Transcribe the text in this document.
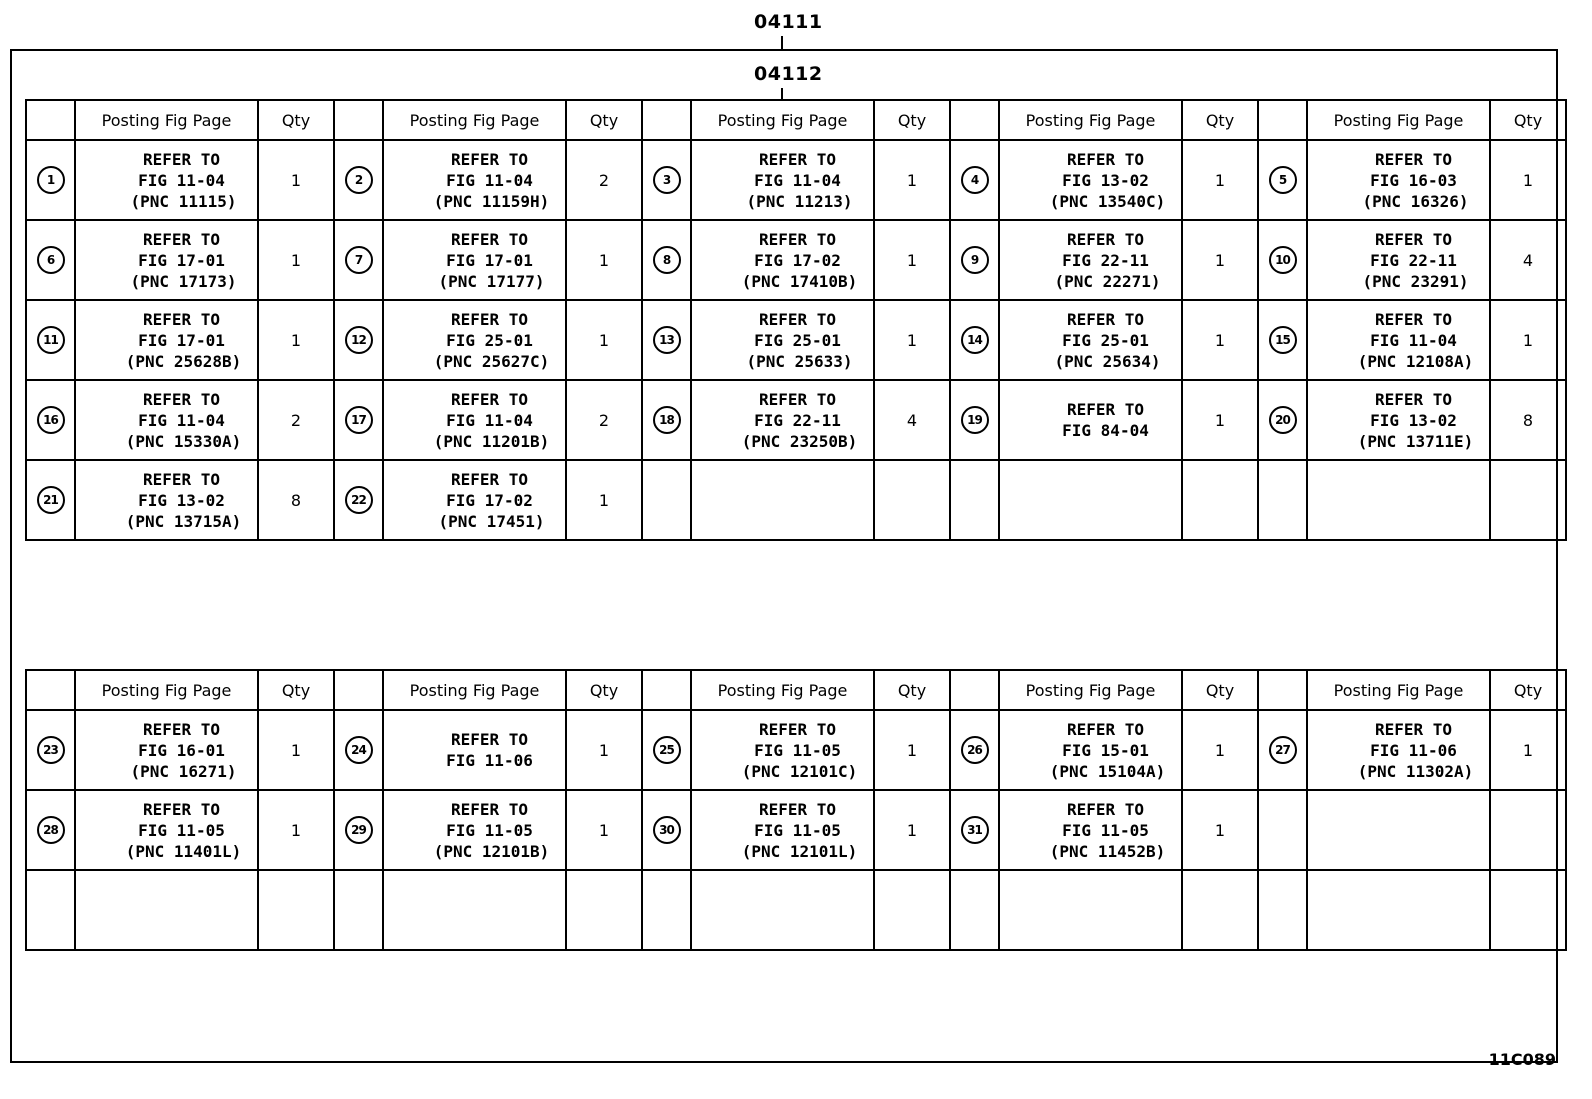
04111
04112
	Posting Fig Page	Qty		Posting Fig Page	Qty		Posting Fig Page	Qty		Posting Fig Page	Qty		Posting Fig Page	Qty
1	REFER TO
FIG 11-04
(PNC 11115)	1	2	REFER TO
FIG 11-04
(PNC 11159H)	2	3	REFER TO
FIG 11-04
(PNC 11213)	1	4	REFER TO
FIG 13-02
(PNC 13540C)	1	5	REFER TO
FIG 16-03
(PNC 16326)	1
6	REFER TO
FIG 17-01
(PNC 17173)	1	7	REFER TO
FIG 17-01
(PNC 17177)	1	8	REFER TO
FIG 17-02
(PNC 17410B)	1	9	REFER TO
FIG 22-11
(PNC 22271)	1	10	REFER TO
FIG 22-11
(PNC 23291)	4
11	REFER TO
FIG 17-01
(PNC 25628B)	1	12	REFER TO
FIG 25-01
(PNC 25627C)	1	13	REFER TO
FIG 25-01
(PNC 25633)	1	14	REFER TO
FIG 25-01
(PNC 25634)	1	15	REFER TO
FIG 11-04
(PNC 12108A)	1
16	REFER TO
FIG 11-04
(PNC 15330A)	2	17	REFER TO
FIG 11-04
(PNC 11201B)	2	18	REFER TO
FIG 22-11
(PNC 23250B)	4	19	REFER TO
FIG 84-04	1	20	REFER TO
FIG 13-02
(PNC 13711E)	8
21	REFER TO
FIG 13-02
(PNC 13715A)	8	22	REFER TO
FIG 17-02
(PNC 17451)	1									
	Posting Fig Page	Qty		Posting Fig Page	Qty		Posting Fig Page	Qty		Posting Fig Page	Qty		Posting Fig Page	Qty
23	REFER TO
FIG 16-01
(PNC 16271)	1	24	REFER TO
FIG 11-06	1	25	REFER TO
FIG 11-05
(PNC 12101C)	1	26	REFER TO
FIG 15-01
(PNC 15104A)	1	27	REFER TO
FIG 11-06
(PNC 11302A)	1
28	REFER TO
FIG 11-05
(PNC 11401L)	1	29	REFER TO
FIG 11-05
(PNC 12101B)	1	30	REFER TO
FIG 11-05
(PNC 12101L)	1	31	REFER TO
FIG 11-05
(PNC 11452B)	1			

11C089
